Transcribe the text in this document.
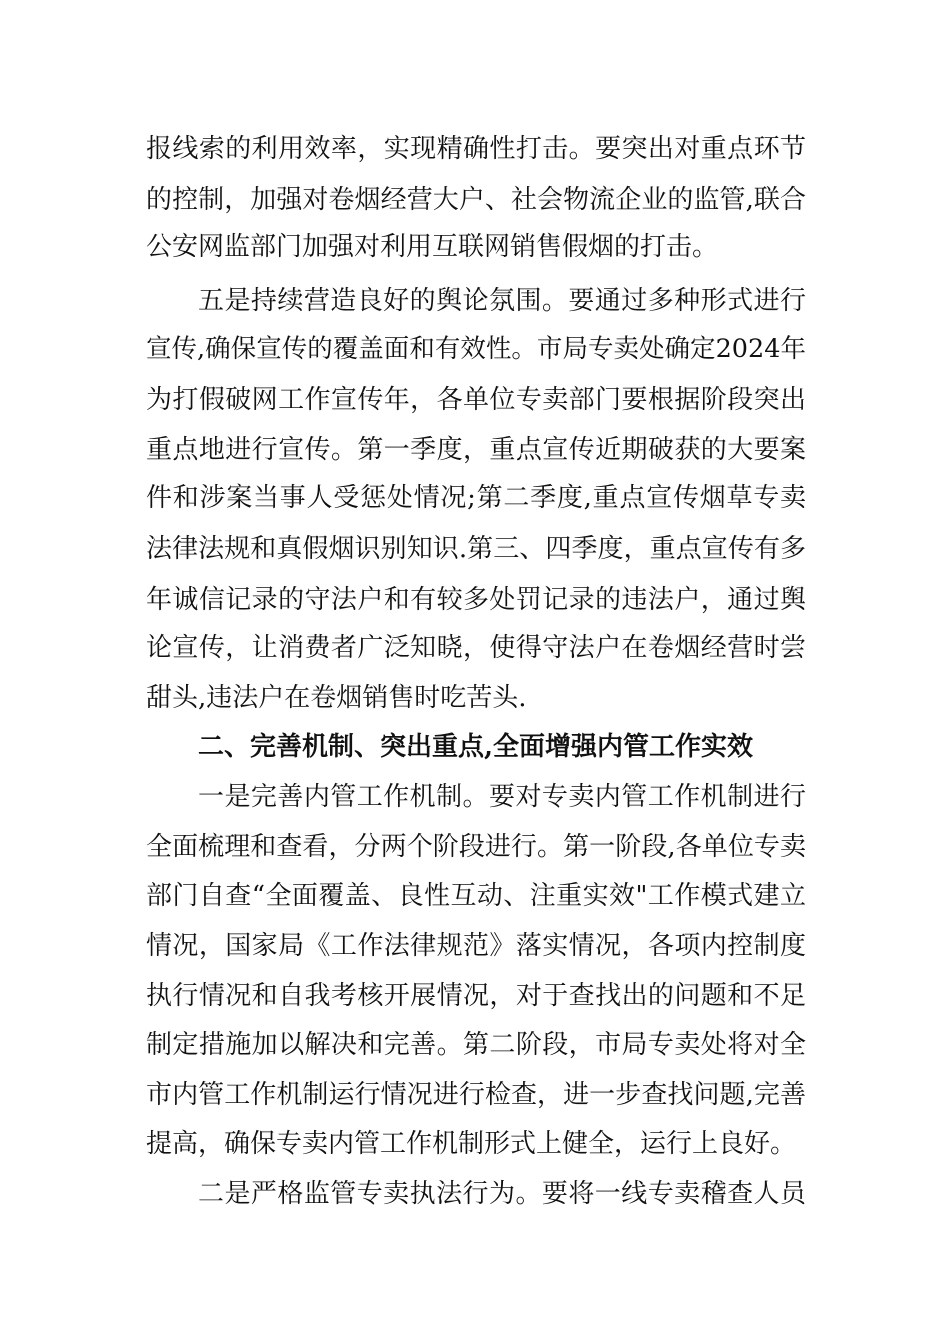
报线索的利用效率，实现精确性打击。要突出对重点环节
的控制，加强对卷烟经营大户、社会物流企业的监管,联合
公安网监部门加强对利用互联网销售假烟的打击。
五是持续营造良好的舆论氛围。要通过多种形式进行
宣传,确保宣传的覆盖面和有效性。市局专卖处确定2024年
为打假破网工作宣传年，各单位专卖部门要根据阶段突出
重点地进行宣传。第一季度，重点宣传近期破获的大要案
件和涉案当事人受惩处情况;第二季度,重点宣传烟草专卖
法律法规和真假烟识别知识.第三、四季度，重点宣传有多
年诚信记录的守法户和有较多处罚记录的违法户，通过舆
论宣传，让消费者广泛知晓，使得守法户在卷烟经营时尝
甜头,违法户在卷烟销售时吃苦头.
二、完善机制、突出重点,全面增强内管工作实效
一是完善内管工作机制。要对专卖内管工作机制进行
全面梳理和查看，分两个阶段进行。第一阶段,各单位专卖
部门自查“全面覆盖、良性互动、注重实效"工作模式建立
情况，国家局《工作法律规范》落实情况，各项内控制度
执行情况和自我考核开展情况，对于查找出的问题和不足
制定措施加以解决和完善。第二阶段，市局专卖处将对全
市内管工作机制运行情况进行检查，进一步查找问题,完善
提高，确保专卖内管工作机制形式上健全，运行上良好。
二是严格监管专卖执法行为。要将一线专卖稽查人员
